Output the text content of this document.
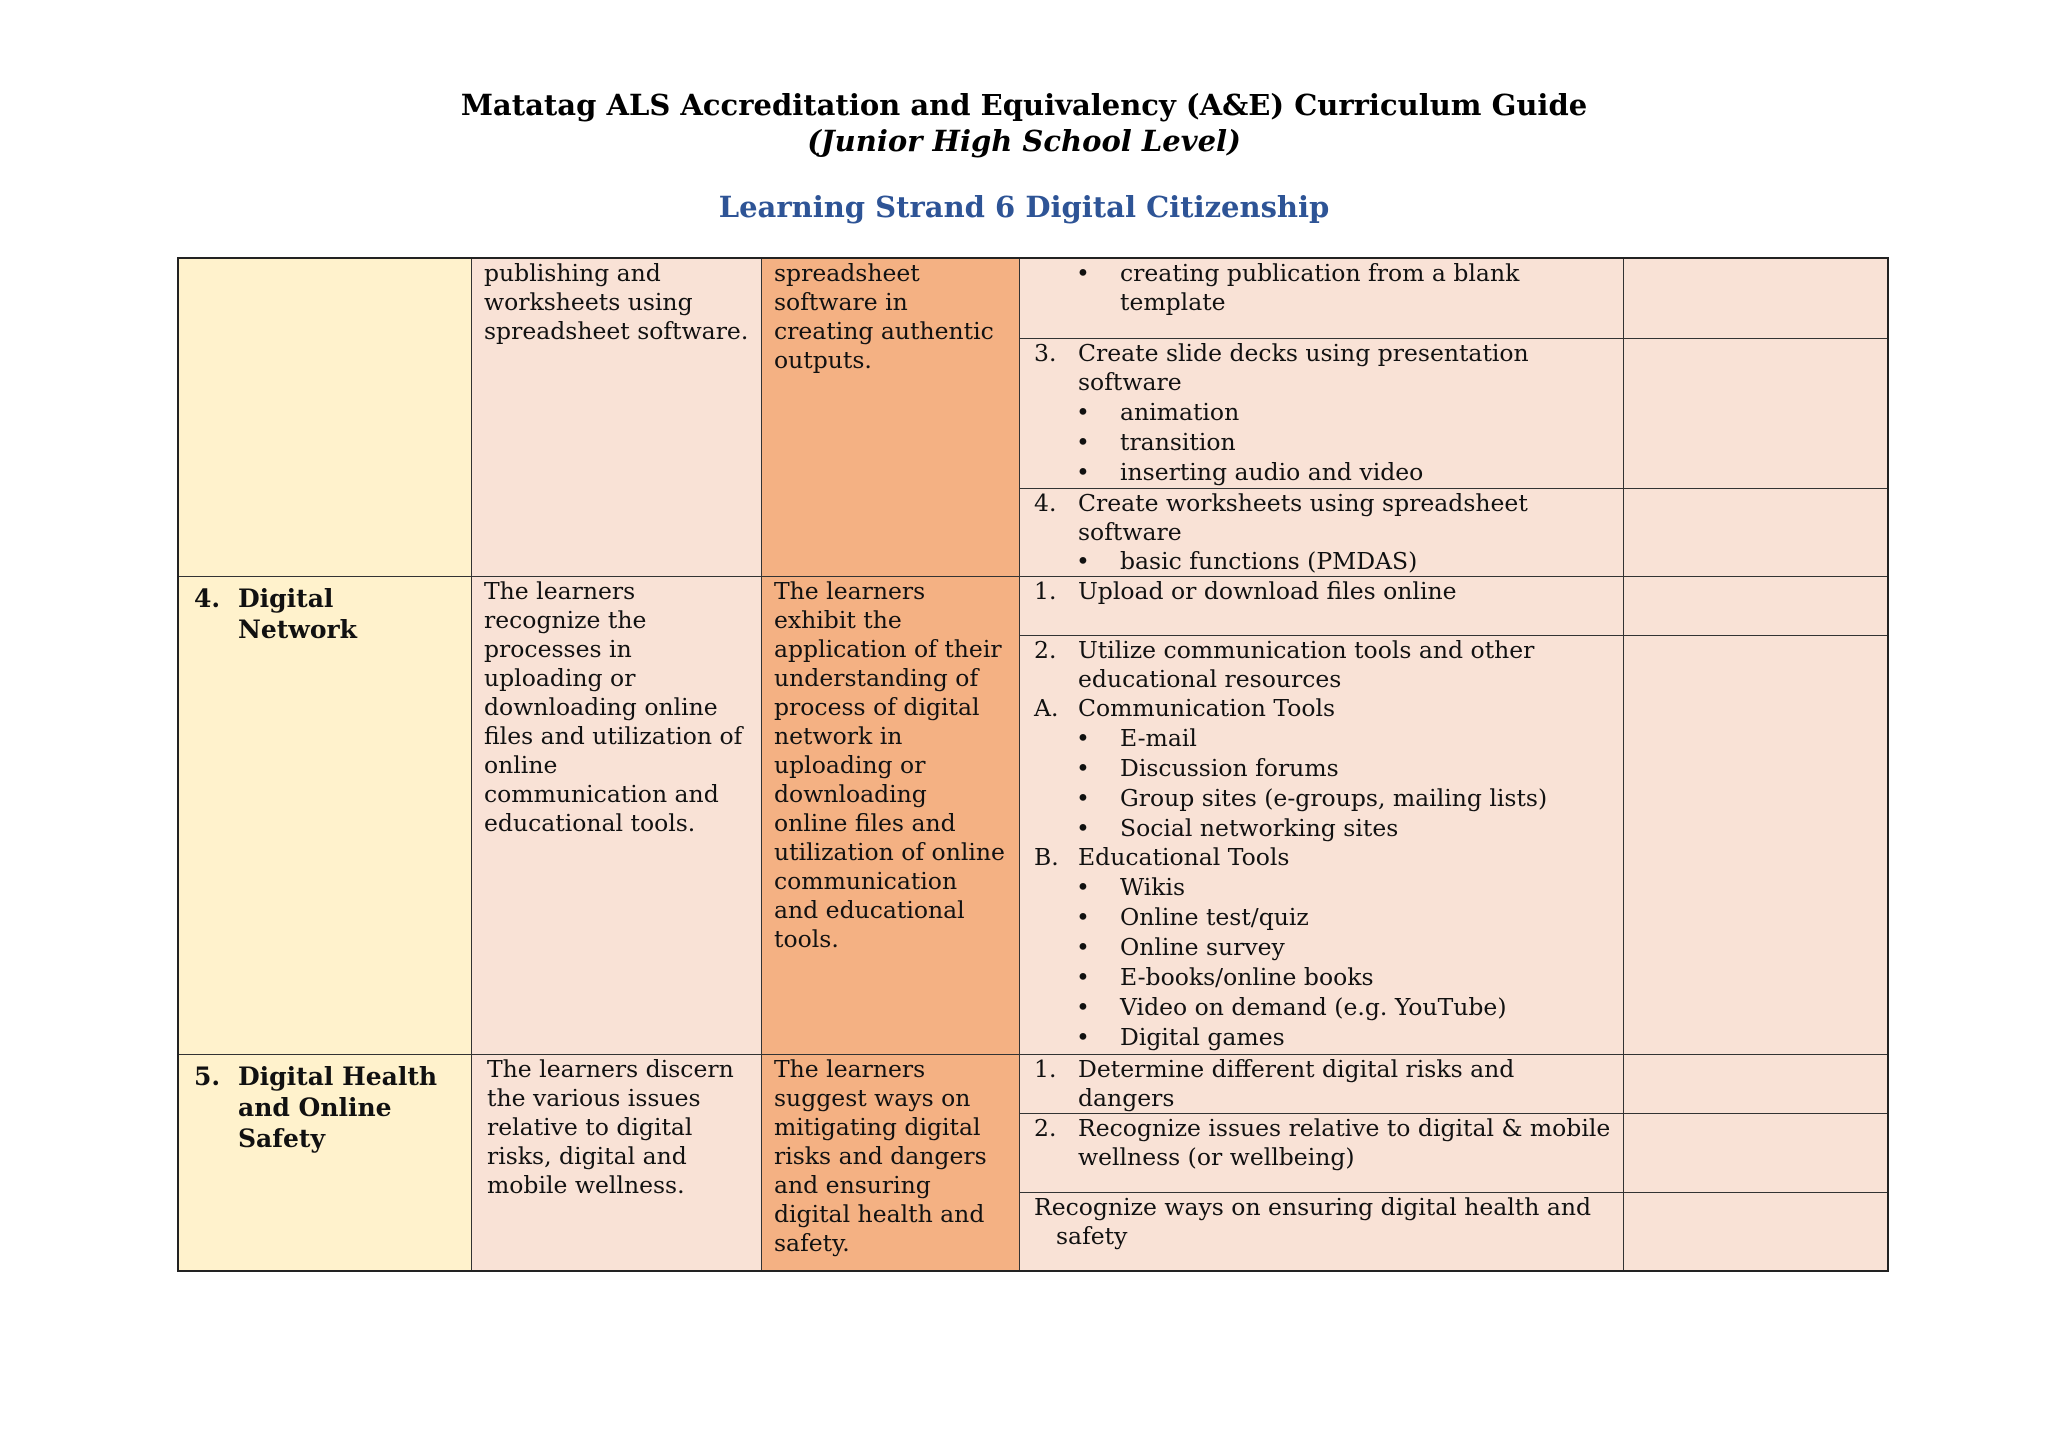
Matatag ALS Accreditation and Equivalency (A&E) Curriculum Guide
(Junior High School Level)
Learning Strand 6 Digital Citizenship
4. Digital Network
5. Digital Health
and Online
Safety
publishing and
worksheets using
spreadsheet software.
The learners
recognize the
processes in
uploading or
downloading online
files and utilization of
online
communication and
educational tools.
The learners discern
the various issues
relative to digital
risks, digital and
mobile wellness.
spreadsheet
software in
creating authentic
outputs.
The learners
exhibit the
application of their
understanding of
process of digital
network in
uploading or
downloading
online files and
utilization of online
communication
and educational
tools.
The learners
suggest ways on
mitigating digital
risks and dangers
and ensuring
digital health and
safety.
• creating publication from a blank
template
3. Create slide decks using presentation
software
• animation
• transition
• inserting audio and video
4. Create worksheets using spreadsheet
software
• basic functions (PMDAS)
1. Upload or download files online
2. Utilize communication tools and other
educational resources
A. Communication Tools
• E-mail
• Discussion forums
• Group sites (e-groups, mailing lists)
• Social networking sites
B. Educational Tools
• Wikis
• Online test/quiz
• Online survey
• E-books/online books
• Video on demand (e.g. YouTube)
• Digital games
1. Determine different digital risks and
dangers
2. Recognize issues relative to digital & mobile
wellness (or wellbeing)
Recognize ways on ensuring digital health and
safety
